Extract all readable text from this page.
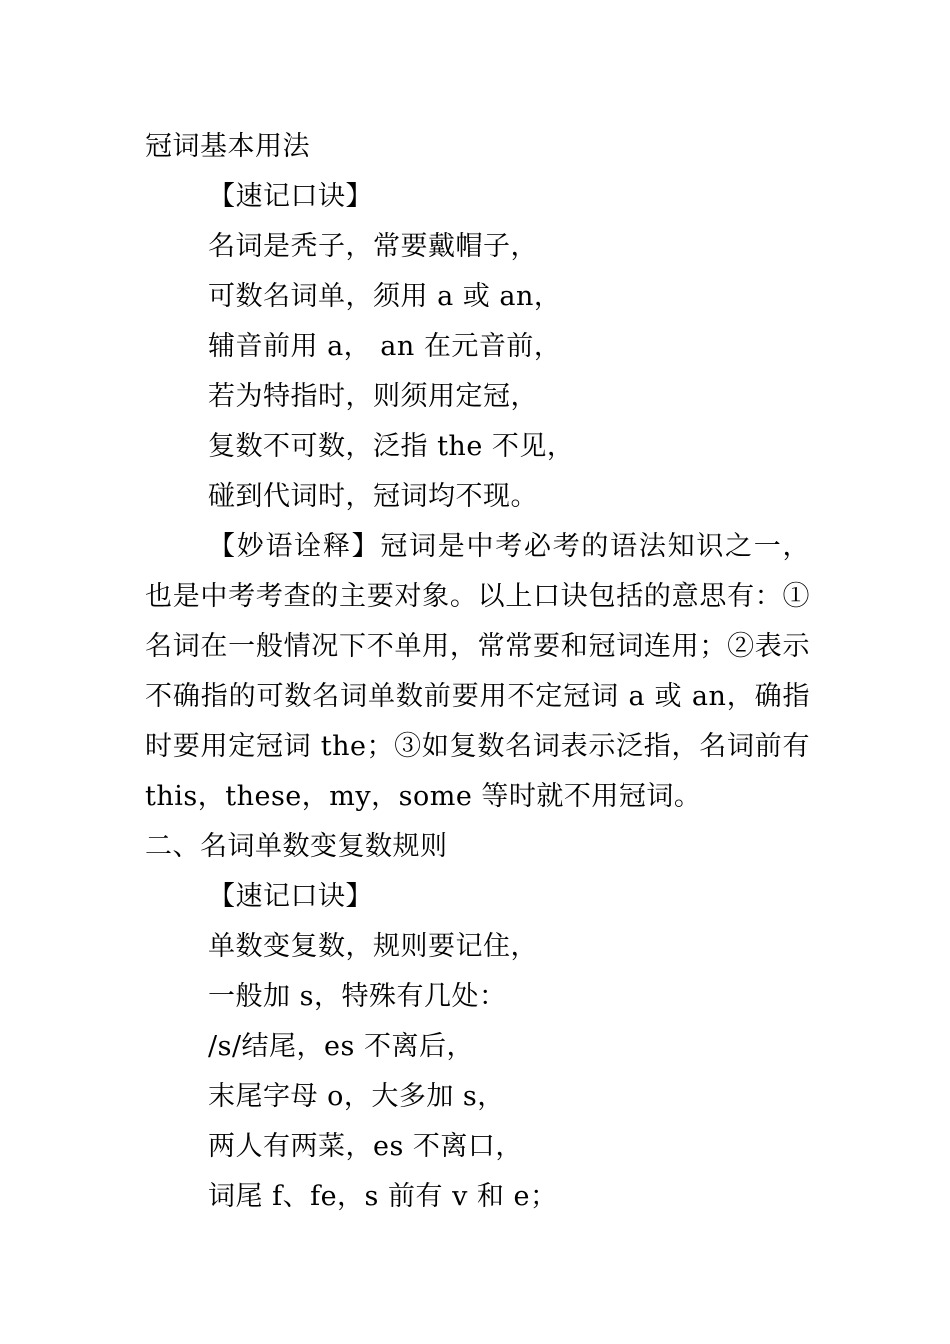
冠词基本用法
【速记口诀】
名词是秃子，常要戴帽子，
可数名词单，须用 a 或 an，
辅音前用 a， an 在元音前，
若为特指时，则须用定冠，
复数不可数，泛指 the 不见，
碰到代词时，冠词均不现。

【妙语诠释】冠词是中考必考的语法知识之一，也是中考考查的主要对象。以上口诀包括的意思有：①名词在一般情况下不单用，常常要和冠词连用；②表示不确指的可数名词单数前要用不定冠词 a 或 an，确指时要用定冠词 the；③如复数名词表示泛指，名词前有 this，these，my，some 等时就不用冠词。

二、名词单数变复数规则
【速记口诀】
单数变复数，规则要记住，
一般加 s，特殊有几处：
/s/结尾，es 不离后，
末尾字母 o，大多加 s，
两人有两菜，es 不离口，
词尾 f、fe，s 前有 v 和 e；
